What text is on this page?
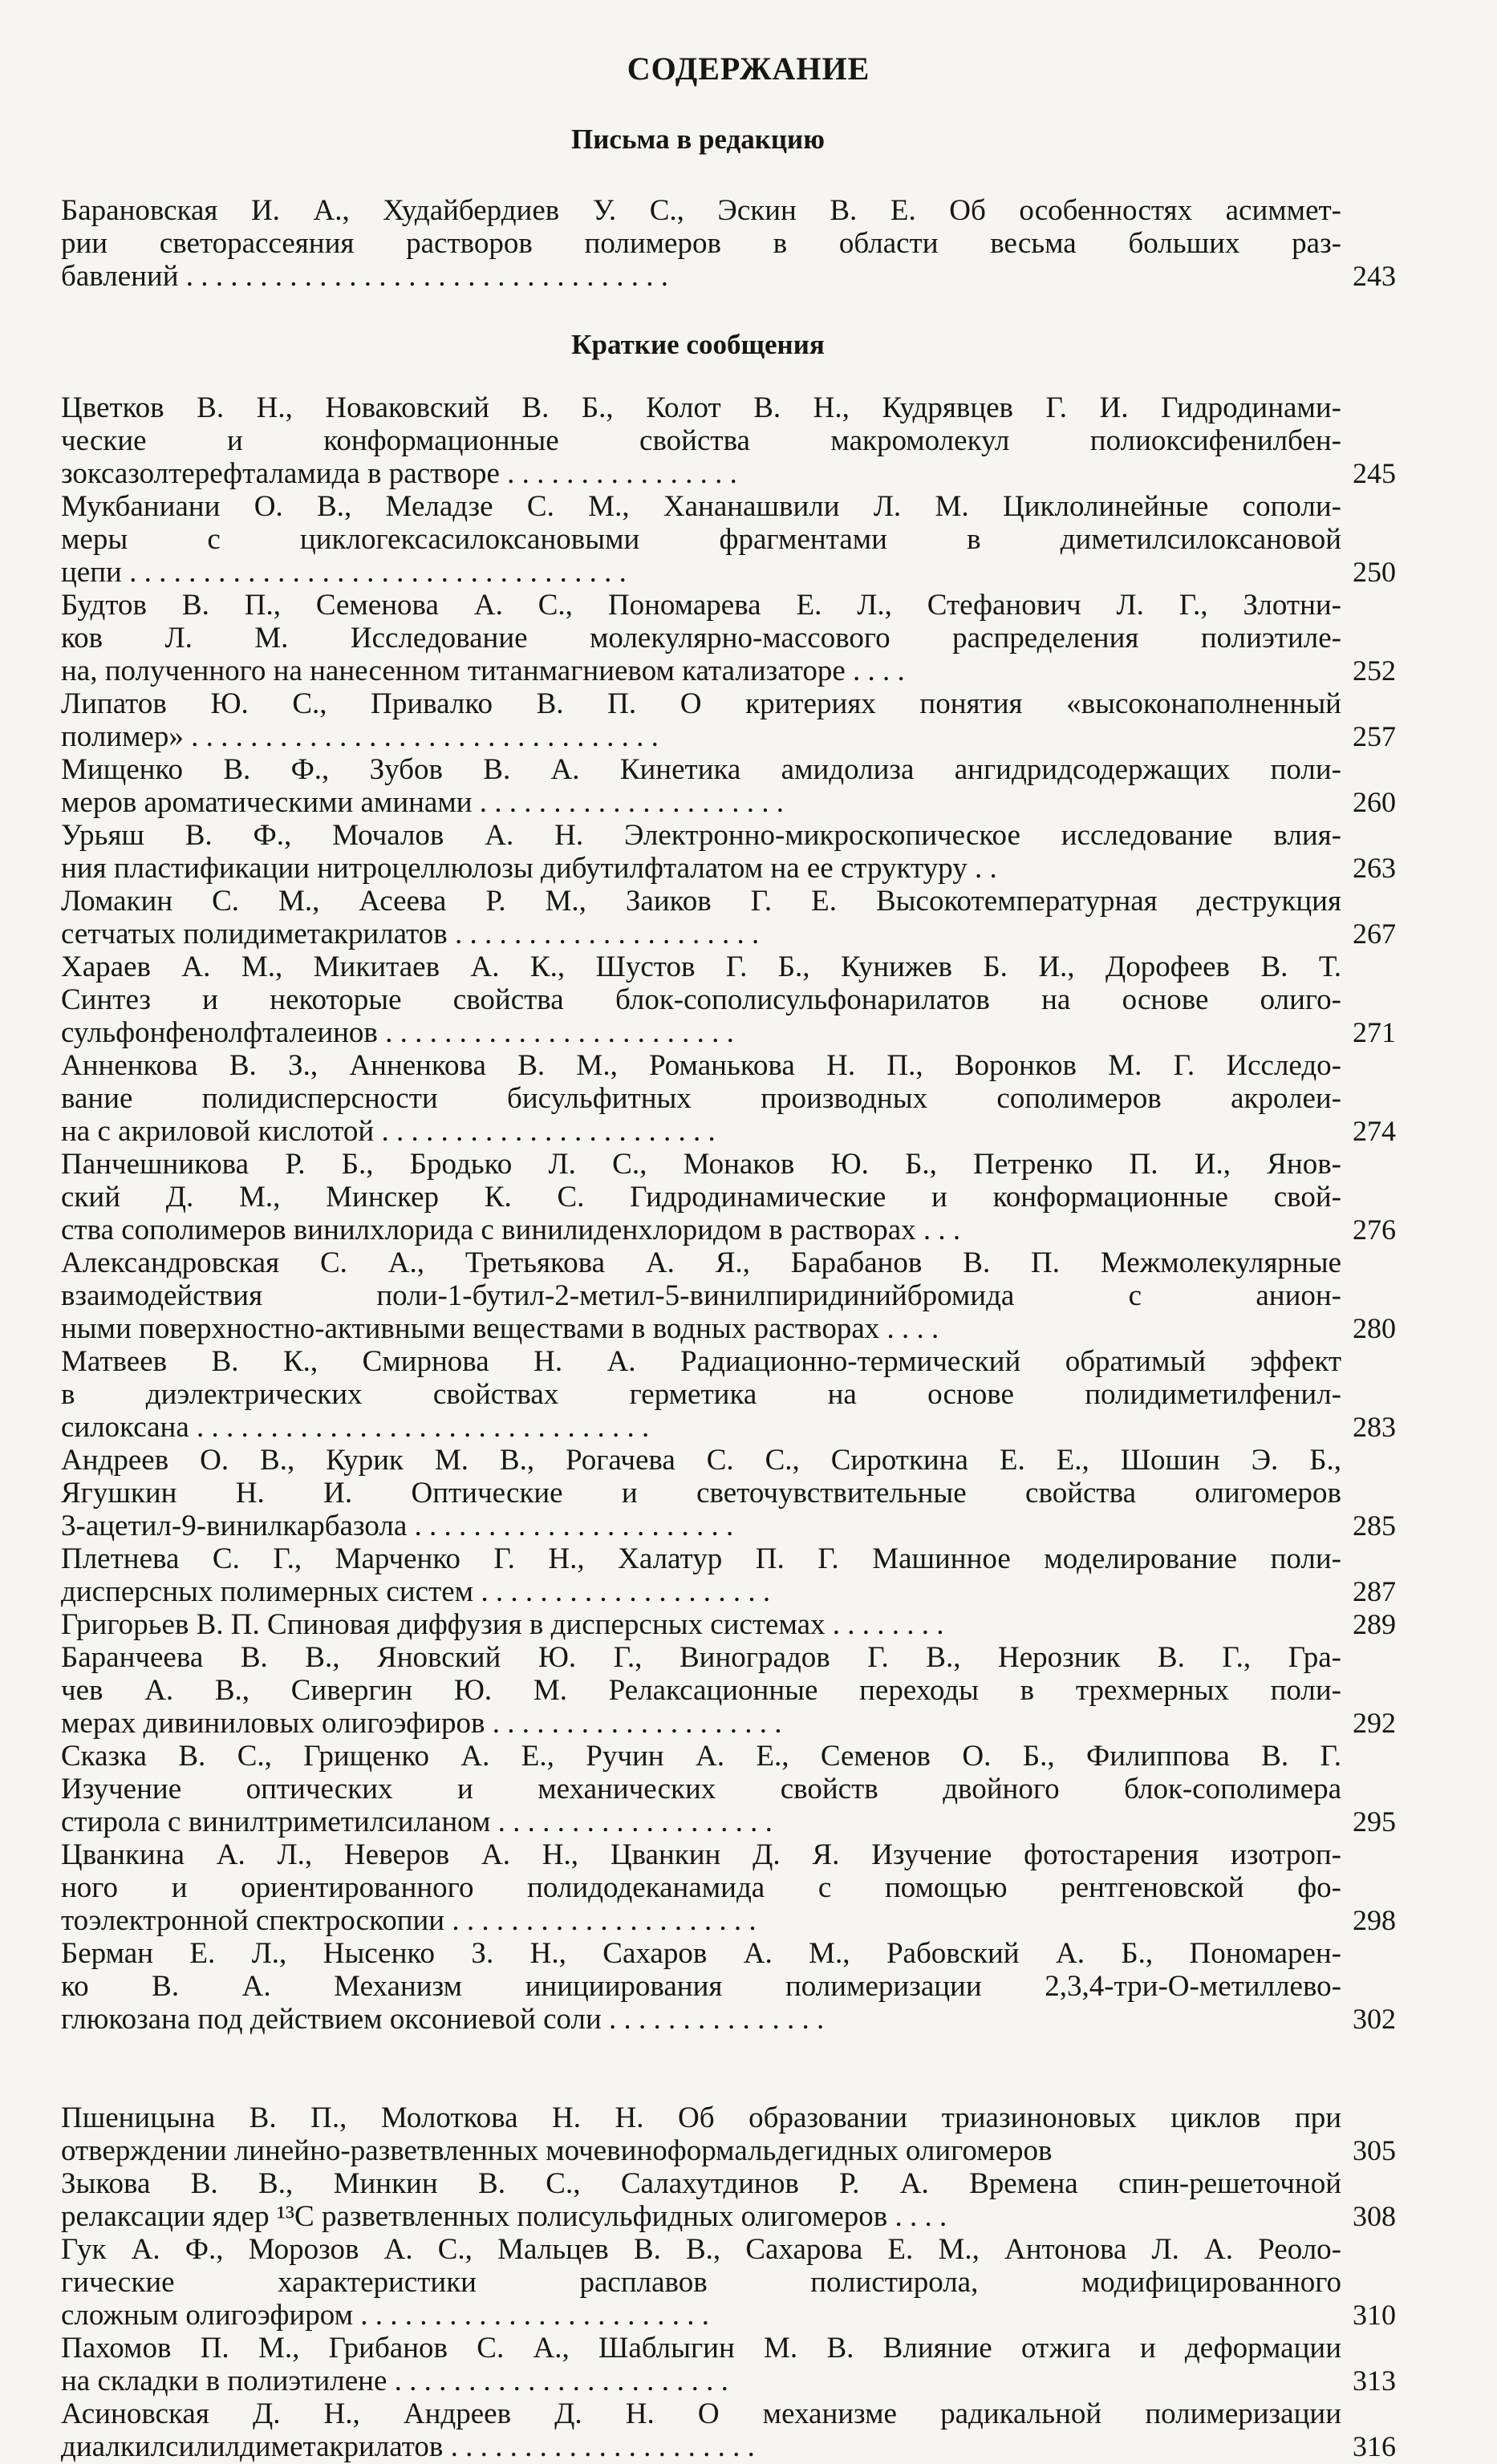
СОДЕРЖАНИЕ
Письма в редакцию
Барановская И. А., Худайбердиев У. С., Эскин В. Е. Об особенностях асиммет-
рии светорассеяния растворов полимеров в области весьма больших раз-
бавлений . . . . . . . . . . . . . . . . . . . . . . . . . . . . . . . . .	243
Краткие сообщения
Цветков В. Н., Новаковский В. Б., Колот В. Н., Кудрявцев Г. И. Гидродинами-
ческие и конформационные свойства макромолекул полиоксифенилбен-
зоксазолтерефталамида в растворе . . . . . . . . . . . . . . . .	245
Мукбаниани О. В., Меладзе С. М., Хананашвили Л. М. Циклолинейные сополи-
меры с циклогексасилоксановыми фрагментами в диметилсилоксановой
цепи . . . . . . . . . . . . . . . . . . . . . . . . . . . . . . . . . .	250
Будтов В. П., Семенова А. С., Пономарева Е. Л., Стефанович Л. Г., Злотни-
ков Л. М. Исследование молекулярно-массового распределения полиэтиле-
на, полученного на нанесенном титанмагниевом катализаторе . . . .	252
Липатов Ю. С., Привалко В. П. О критериях понятия «высоконаполненный
полимер» . . . . . . . . . . . . . . . . . . . . . . . . . . . . . . . .	257
Мищенко В. Ф., Зубов В. А. Кинетика амидолиза ангидридсодержащих поли-
меров ароматическими аминами . . . . . . . . . . . . . . . . . . . . .	260
Урьяш В. Ф., Мочалов А. Н. Электронно-микроскопическое исследование влия-
ния пластификации нитроцеллюлозы дибутилфталатом на ее структуру . .	263
Ломакин С. М., Асеева Р. М., Заиков Г. Е. Высокотемпературная деструкция
сетчатых полидиметакрилатов . . . . . . . . . . . . . . . . . . . . .	267
Хараев А. М., Микитаев А. К., Шустов Г. Б., Кунижев Б. И., Дорофеев В. Т.
Синтез и некоторые свойства блок-сополисульфонарилатов на основе олиго-
сульфонфенолфталеинов . . . . . . . . . . . . . . . . . . . . . . . .	271
Анненкова В. З., Анненкова В. М., Романькова Н. П., Воронков М. Г. Исследо-
вание полидисперсности бисульфитных производных сополимеров акролеи-
на с акриловой кислотой . . . . . . . . . . . . . . . . . . . . . . .	274
Панчешникова Р. Б., Бродько Л. С., Монаков Ю. Б., Петренко П. И., Янов-
ский Д. М., Минскер К. С. Гидродинамические и конформационные свой-
ства сополимеров винилхлорида с винилиденхлоридом в растворах . . .	276
Александровская С. А., Третьякова А. Я., Барабанов В. П. Межмолекулярные
взаимодействия поли-1-бутил-2-метил-5-винилпиридинийбромида с анион-
ными поверхностно-активными веществами в водных растворах . . . .	280
Матвеев В. К., Смирнова Н. А. Радиационно-термический обратимый эффект
в диэлектрических свойствах герметика на основе полидиметилфенил-
силоксана . . . . . . . . . . . . . . . . . . . . . . . . . . . . . . .	283
Андреев О. В., Курик М. В., Рогачева С. С., Сироткина Е. Е., Шошин Э. Б.,
Ягушкин Н. И. Оптические и светочувствительные свойства олигомеров
3-ацетил-9-винилкарбазола . . . . . . . . . . . . . . . . . . . . . .	285
Плетнева С. Г., Марченко Г. Н., Халатур П. Г. Машинное моделирование поли-
дисперсных полимерных систем . . . . . . . . . . . . . . . . . . . .	287
Григорьев В. П. Спиновая диффузия в дисперсных системах . . . . . . . .	289
Баранчеева В. В., Яновский Ю. Г., Виноградов Г. В., Нерозник В. Г., Гра-
чев А. В., Сивергин Ю. М. Релаксационные переходы в трехмерных поли-
мерах дивиниловых олигоэфиров . . . . . . . . . . . . . . . . . . . .	292
Сказка В. С., Грищенко А. Е., Ручин А. Е., Семенов О. Б., Филиппова В. Г.
Изучение оптических и механических свойств двойного блок-сополимера
стирола с винилтриметилсиланом . . . . . . . . . . . . . . . . . . .	295
Цванкина А. Л., Неверов А. Н., Цванкин Д. Я. Изучение фотостарения изотроп-
ного и ориентированного полидодеканамида с помощью рентгеновской фо-
тоэлектронной спектроскопии . . . . . . . . . . . . . . . . . . . . .	298
Берман Е. Л., Нысенко З. Н., Сахаров А. М., Рабовский А. Б., Пономарен-
ко В. А. Механизм инициирования полимеризации 2,3,4-три-О-метиллево-
глюкозана под действием оксониевой соли . . . . . . . . . . . . . . .	302
Пшеницына В. П., Молоткова Н. Н. Об образовании триазиноновых циклов при
отверждении линейно-разветвленных мочевиноформальдегидных олигомеров	305
Зыкова В. В., Минкин В. С., Салахутдинов Р. А. Времена спин-решеточной
релаксации ядер ¹³C разветвленных полисульфидных олигомеров . . . .	308
Гук А. Ф., Морозов А. С., Мальцев В. В., Сахарова Е. М., Антонова Л. А. Реоло-
гические характеристики расплавов полистирола, модифицированного
сложным олигоэфиром . . . . . . . . . . . . . . . . . . . . . . . .	310
Пахомов П. М., Грибанов С. А., Шаблыгин М. В. Влияние отжига и деформации
на складки в полиэтилене . . . . . . . . . . . . . . . . . . . . . . .	313
Асиновская Д. Н., Андреев Д. Н. О механизме радикальной полимеризации
диалкилсилилдиметакрилатов . . . . . . . . . . . . . . . . . . . . .	316
